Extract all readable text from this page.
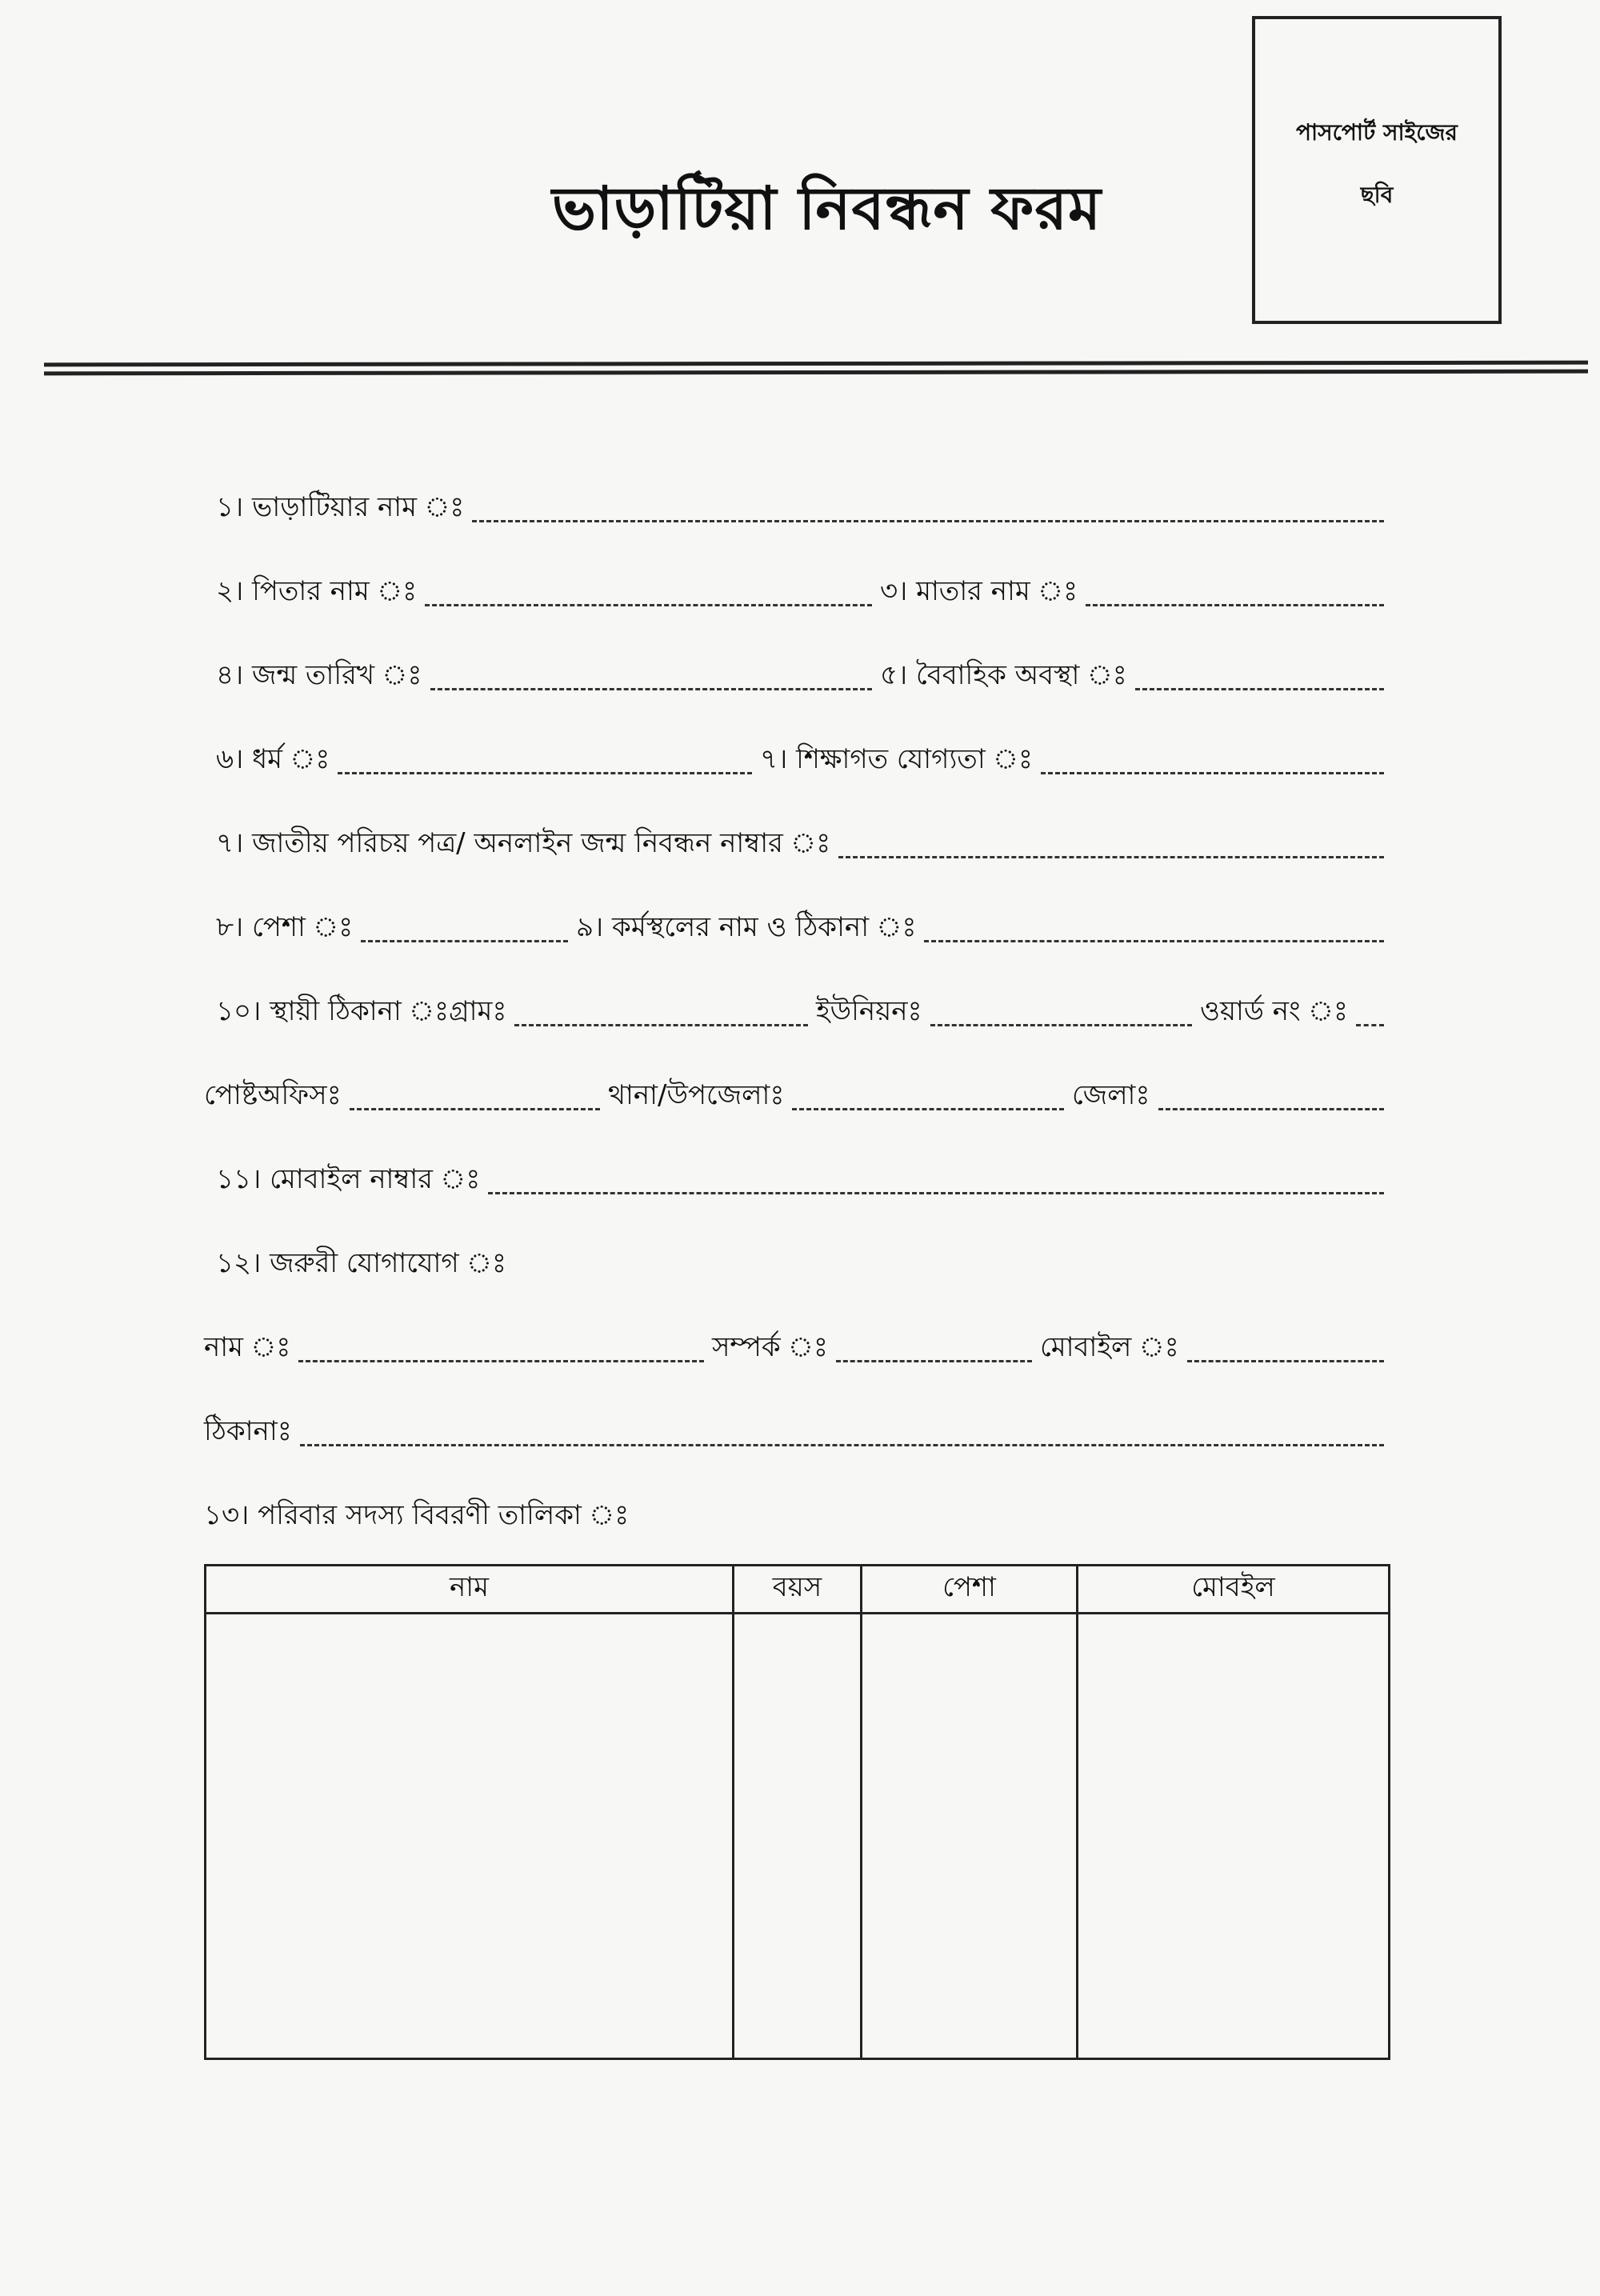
ভাড়াটিয়া নিবন্ধন ফরম
পাসপোর্ট সাইজের
ছবি
১। ভাড়াটিয়ার নাম ঃ
২। পিতার নাম ঃ	৩। মাতার নাম ঃ
৪। জন্ম তারিখ ঃ	৫। বৈবাহিক অবস্থা ঃ
৬। ধর্ম ঃ	৭। শিক্ষাগত যোগ্যতা ঃ
৭। জাতীয় পরিচয় পত্র/ অনলাইন জন্ম নিবন্ধন নাম্বার ঃ
৮। পেশা ঃ	৯। কর্মস্থলের নাম ও ঠিকানা ঃ
১০। স্থায়ী ঠিকানা ঃ গ্রামঃ	ইউনিয়নঃ	ওয়ার্ড নং ঃ
পোষ্টঅফিসঃ	থানা/উপজেলাঃ	জেলাঃ
১১। মোবাইল নাম্বার ঃ
১২। জরুরী যোগাযোগ ঃ
নাম ঃ	সম্পর্ক ঃ	মোবাইল ঃ
ঠিকানাঃ
১৩। পরিবার সদস্য বিবরণী তালিকা ঃ
নাম	বয়স	পেশা	মোবইল
